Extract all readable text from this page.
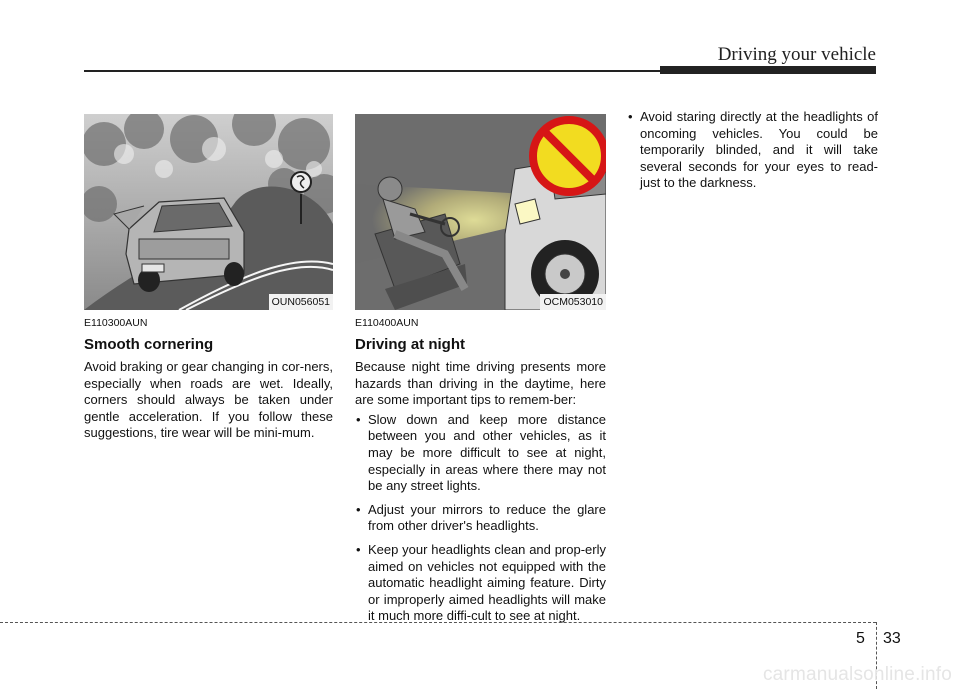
Driving your vehicle
OUN056051	OCM053010

E110300AUN

Smooth cornering

Avoid braking or gear changing in cor-ners, especially when roads are wet. Ideally, corners should always be taken under gentle acceleration. If you follow these suggestions, tire wear will be mini-mum.

E110400AUN

Driving at night

Because night time driving presents more hazards than driving in the daytime, here are some important tips to remem-ber:

• Slow down and keep more distance between you and other vehicles, as it may be more difficult to see at night, especially in areas where there may not be any street lights.
• Adjust your mirrors to reduce the glare from other driver's headlights.
• Keep your headlights clean and prop-erly aimed on vehicles not equipped with the automatic headlight aiming feature. Dirty or improperly aimed headlights will make it much more diffi-cult to see at night.
• Avoid staring directly at the headlights of oncoming vehicles. You could be temporarily blinded, and it will take several seconds for your eyes to read-just to the darkness.
5 33
carmanualsonline.info
